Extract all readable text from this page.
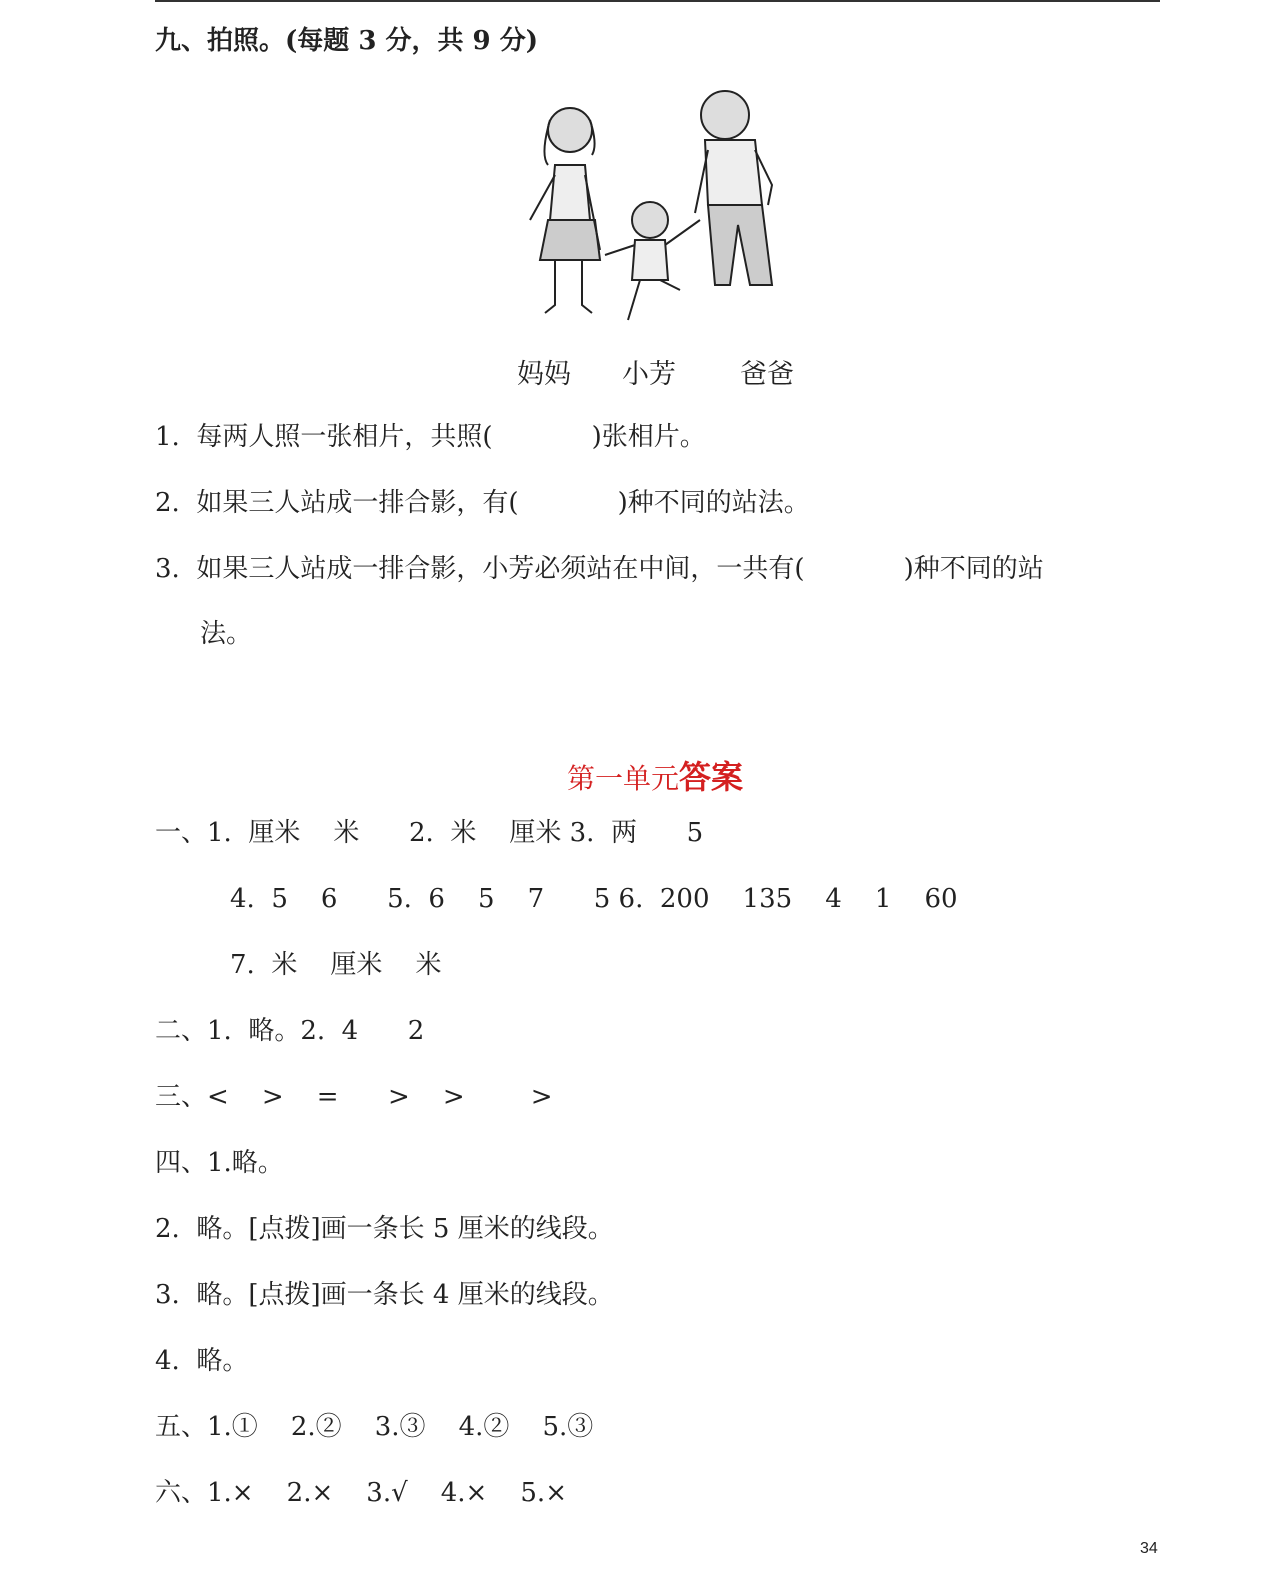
九、拍照。(每题 3 分，共 9 分)
妈妈 小芳 爸爸
1.  每两人照一张相片，共照(            )张相片。
2.  如果三人站成一排合影，有(            )种不同的站法。
3.  如果三人站成一排合影，小芳必须站在中间，一共有(            )种不同的站
法。
第一单元答案
一、1.  厘米    米      2.  米    厘米 3.  两      5
4.  5    6      5.  6    5    7      5 6.  200    135    4    1    60
7.  米    厘米    米
二、1.  略。2.  4      2
三、<    >    =      >    >        >
四、1.略。
2.  略。[点拨]画一条长 5 厘米的线段。
3.  略。[点拨]画一条长 4 厘米的线段。
4.  略。
五、1.①    2.②    3.③    4.②    5.③
六、1.×    2.×    3.√    4.×    5.×
34
